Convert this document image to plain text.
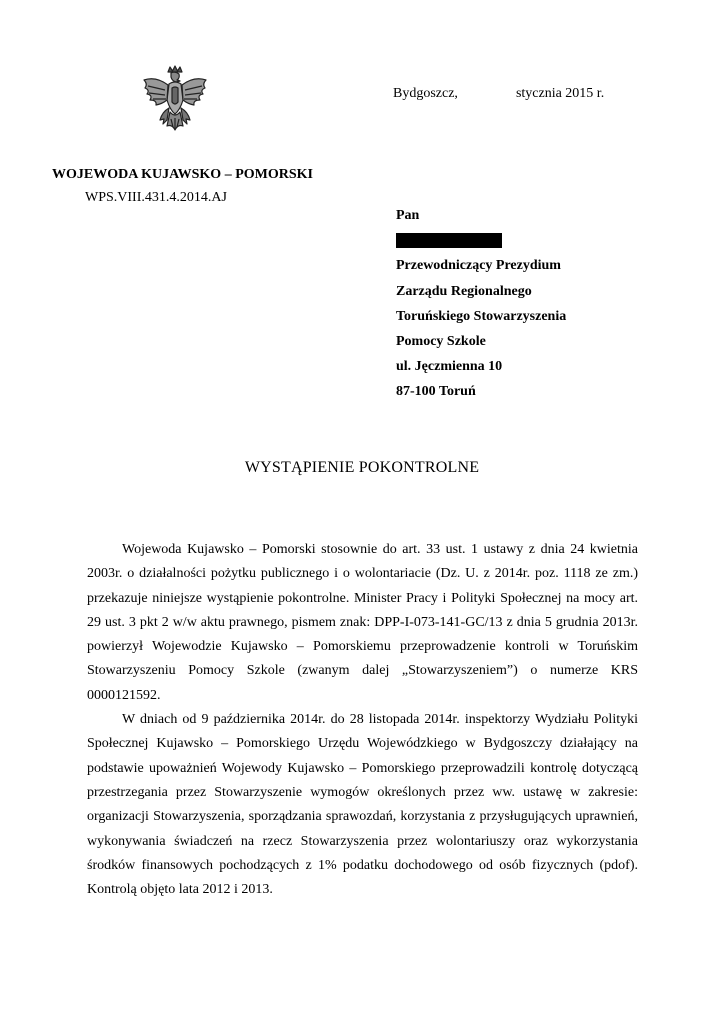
Bydgoszcz,	stycznia 2015 r.
WOJEWODA KUJAWSKO – POMORSKI
WPS.VIII.431.4.2014.AJ
Pan
Przewodniczący Prezydium
Zarządu Regionalnego
Toruńskiego Stowarzyszenia
Pomocy Szkole
ul. Jęczmienna 10
87-100 Toruń
WYSTĄPIENIE POKONTROLNE

Wojewoda Kujawsko – Pomorski stosownie do art. 33 ust. 1 ustawy z dnia 24 kwietnia 2003r. o działalności pożytku publicznego i o wolontariacie (Dz. U. z 2014r. poz. 1118 ze zm.) przekazuje niniejsze wystąpienie pokontrolne. Minister Pracy i Polityki Społecznej na mocy art. 29 ust. 3 pkt 2 w/w aktu prawnego, pismem znak: DPP-I-073-141-GC/13 z dnia 5 grudnia 2013r. powierzył Wojewodzie Kujawsko – Pomorskiemu przeprowadzenie kontroli w Toruńskim Stowarzyszeniu Pomocy Szkole (zwanym dalej „Stowarzyszeniem”) o numerze KRS 0000121592.

W dniach od 9 października 2014r. do 28 listopada 2014r. inspektorzy Wydziału Polityki Społecznej Kujawsko – Pomorskiego Urzędu Wojewódzkiego w Bydgoszczy działający na podstawie upoważnień Wojewody Kujawsko – Pomorskiego przeprowadzili kontrolę dotyczącą przestrzegania przez Stowarzyszenie wymogów określonych przez ww. ustawę w zakresie: organizacji Stowarzyszenia, sporządzania sprawozdań, korzystania z przysługujących uprawnień, wykonywania świadczeń na rzecz Stowarzyszenia przez wolontariuszy oraz wykorzystania środków finansowych pochodzących z 1% podatku dochodowego od osób fizycznych (pdof). Kontrolą objęto lata 2012 i 2013.
